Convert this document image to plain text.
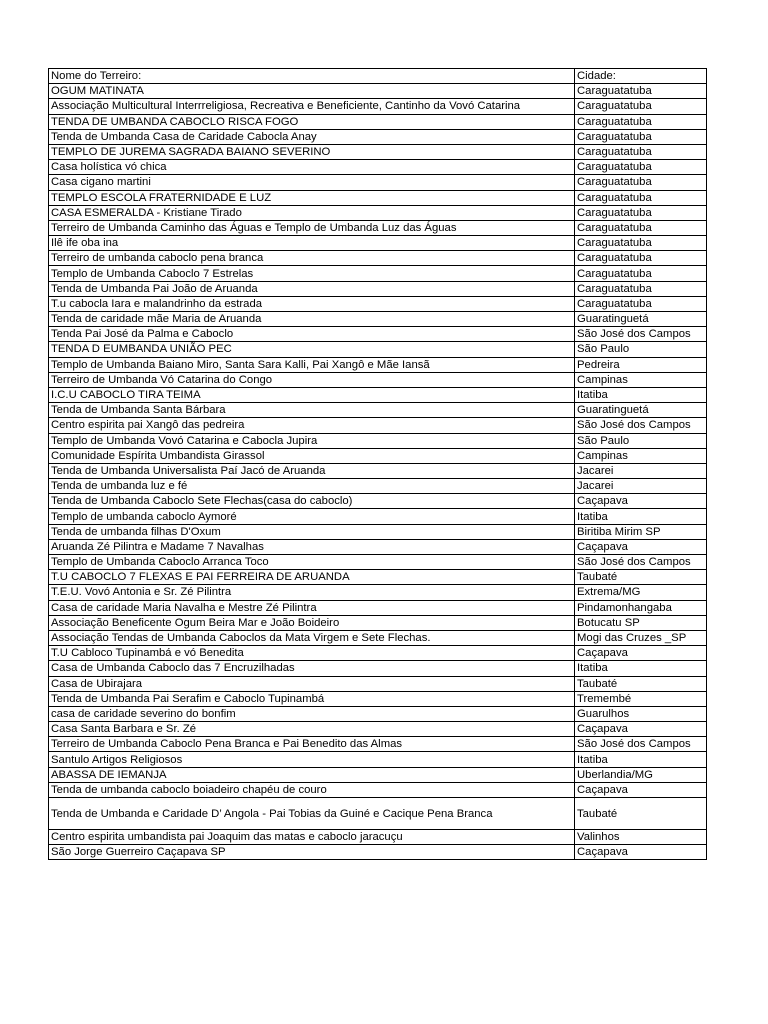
Nome do Terreiro:	Cidade:
OGUM MATINATA	Caraguatatuba
Associação Multicultural Interrreligiosa, Recreativa e Beneficiente, Cantinho da Vovó Catarina	Caraguatatuba
TENDA DE UMBANDA CABOCLO RISCA FOGO	Caraguatatuba
Tenda de Umbanda Casa de Caridade Cabocla Anay	Caraguatatuba
TEMPLO DE JUREMA SAGRADA BAIANO SEVERINO	Caraguatatuba
Casa holística vó chica	Caraguatatuba
Casa cigano martini	Caraguatatuba
TEMPLO ESCOLA FRATERNIDADE E LUZ	Caraguatatuba
CASA ESMERALDA - Kristiane Tirado	Caraguatatuba
Terreiro de Umbanda Caminho das Águas e Templo de Umbanda Luz das Águas	Caraguatatuba
Ilê ife oba ina	Caraguatatuba
Terreiro de umbanda caboclo pena branca	Caraguatatuba
Templo de Umbanda Caboclo 7 Estrelas	Caraguatatuba
Tenda de Umbanda Pai João de Aruanda	Caraguatatuba
T.u cabocla Iara e malandrinho da estrada	Caraguatatuba
Tenda de caridade mãe Maria de Aruanda	Guaratinguetá
Tenda Pai José da Palma e Caboclo	São José dos Campos
TENDA D EUMBANDA UNIÃO PEC	São Paulo
Templo de Umbanda Baiano Miro, Santa Sara Kalli, Pai Xangô e Mãe Iansã	Pedreira
Terreiro de Umbanda Vó Catarina do Congo	Campinas
I.C.U CABOCLO TIRA TEIMA	Itatiba
Tenda de Umbanda Santa Bárbara	Guaratinguetá
Centro espirita pai Xangô das pedreira	São José dos Campos
Templo de Umbanda Vovó Catarina e Cabocla Jupira	São Paulo
Comunidade Espírita Umbandista Girassol	Campinas
Tenda de Umbanda Universalista Paí Jacó de Aruanda	Jacarei
Tenda de umbanda luz e fé	Jacarei
Tenda de Umbanda Caboclo Sete Flechas(casa do caboclo)	Caçapava
Templo de umbanda caboclo Aymoré	Itatiba
Tenda de umbanda filhas D'Oxum	Biritiba Mirim SP
Aruanda Zé Pilintra e Madame 7 Navalhas	Caçapava
Templo de Umbanda Caboclo Arranca Toco	São José dos Campos
T.U CABOCLO 7 FLEXAS E PAI FERREIRA DE ARUANDA	Taubaté
T.E.U. Vovó Antonia e Sr. Zé Pilintra	Extrema/MG
Casa de caridade Maria Navalha e Mestre Zé Pilintra	Pindamonhangaba
Associação Beneficente Ogum Beira Mar e João Boideiro	Botucatu SP
Associação Tendas de Umbanda Caboclos da Mata Virgem e Sete Flechas.	Mogi das Cruzes _SP
T.U Cabloco Tupinambá e vó Benedita	Caçapava
Casa de Umbanda Caboclo das 7 Encruzilhadas	Itatiba
Casa de Ubirajara	Taubaté
Tenda de Umbanda Pai Serafim e Caboclo Tupinambá	Tremembé
casa de caridade severino do bonfim	Guarulhos
Casa Santa Barbara e Sr. Zé	Caçapava
Terreiro de Umbanda Caboclo Pena Branca e Pai Benedito das Almas	São José dos Campos
Santulo Artigos Religiosos	Itatiba
ABASSA DE IEMANJA	Uberlandia/MG
Tenda de umbanda caboclo boiadeiro chapéu de couro	Caçapava
Tenda de Umbanda e Caridade D’ Angola - Pai Tobias da Guiné e Cacique Pena Branca	Taubaté
Centro espirita umbandista pai Joaquim das matas e caboclo jaracuçu	Valinhos
São Jorge Guerreiro Caçapava SP	Caçapava
